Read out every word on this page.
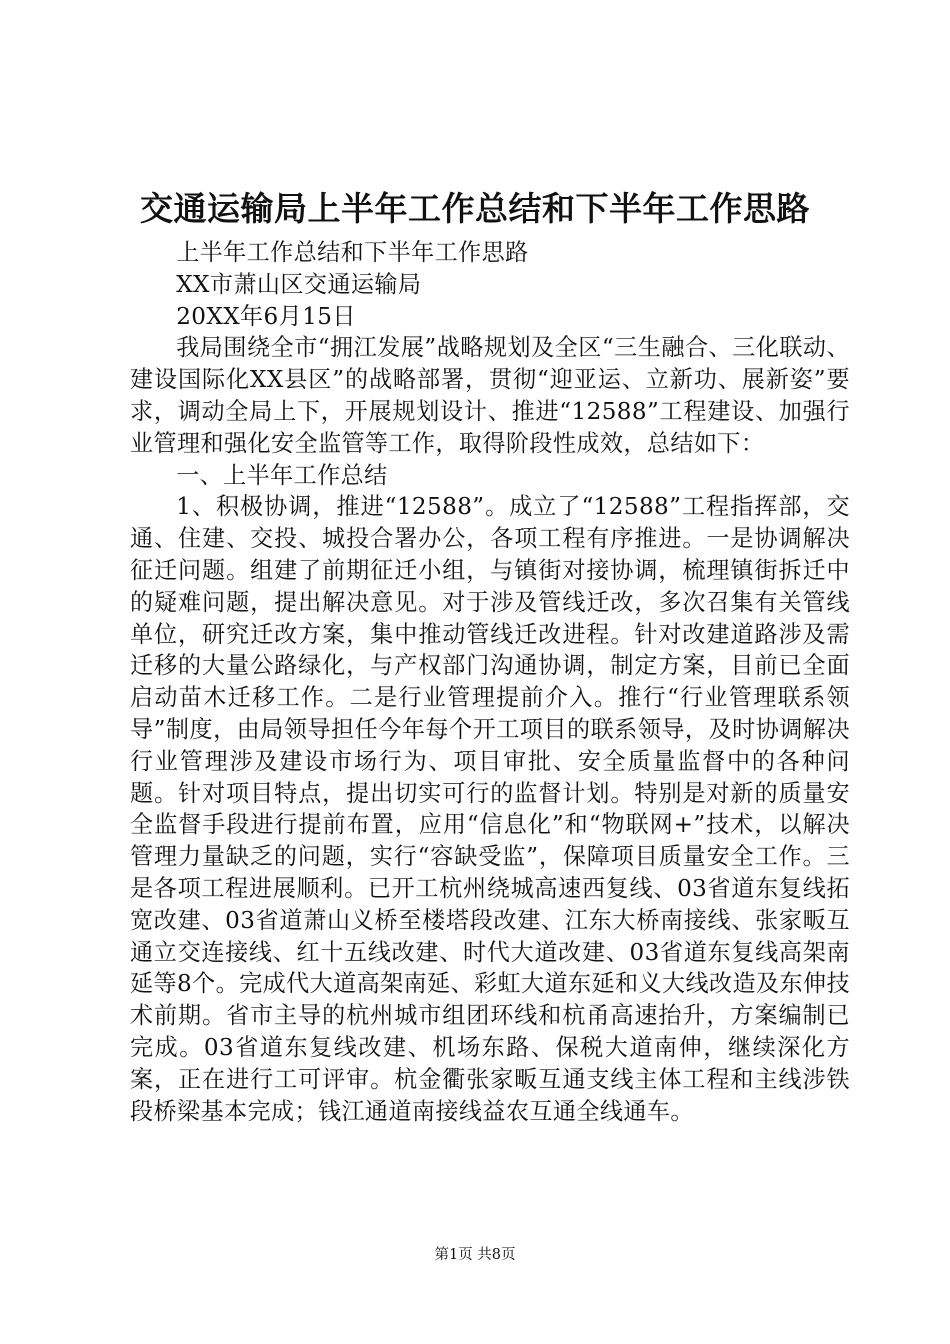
交通运输局上半年工作总结和下半年工作思路

上半年工作总结和下半年工作思路

XX市萧山区交通运输局

20XX年6月15日

我局围绕全市“拥江发展”战略规划及全区“三生融合、三化联动、建设国际化XX县区”的战略部署，贯彻“迎亚运、立新功、展新姿”要求，调动全局上下，开展规划设计、推进“12588”工程建设、加强行业管理和强化安全监管等工作，取得阶段性成效，总结如下：

一、上半年工作总结

1、积极协调，推进“12588”。成立了“12588”工程指挥部，交通、住建、交投、城投合署办公，各项工程有序推进。一是协调解决征迁问题。组建了前期征迁小组，与镇街对接协调，梳理镇街拆迁中的疑难问题，提出解决意见。对于涉及管线迁改，多次召集有关管线单位，研究迁改方案，集中推动管线迁改进程。针对改建道路涉及需迁移的大量公路绿化，与产权部门沟通协调，制定方案，目前已全面启动苗木迁移工作。二是行业管理提前介入。推行“行业管理联系领导”制度，由局领导担任今年每个开工项目的联系领导，及时协调解决行业管理涉及建设市场行为、项目审批、安全质量监督中的各种问题。针对项目特点，提出切实可行的监督计划。特别是对新的质量安全监督手段进行提前布置，应用“信息化”和“物联网+”技术，以解决管理力量缺乏的问题，实行“容缺受监”，保障项目质量安全工作。三是各项工程进展顺利。已开工杭州绕城高速西复线、03省道东复线拓宽改建、03省道萧山义桥至楼塔段改建、江东大桥南接线、张家畈互通立交连接线、红十五线改建、时代大道改建、03省道东复线高架南延等8个。完成代大道高架南延、彩虹大道东延和义大线改造及东伸技术前期。省市主导的杭州城市组团环线和杭甬高速抬升，方案编制已完成。03省道东复线改建、机场东路、保税大道南伸，继续深化方案，正在进行工可评审。杭金衢张家畈互通支线主体工程和主线涉铁段桥梁基本完成；钱江通道南接线益农互通全线通车。

第1页 共8页
